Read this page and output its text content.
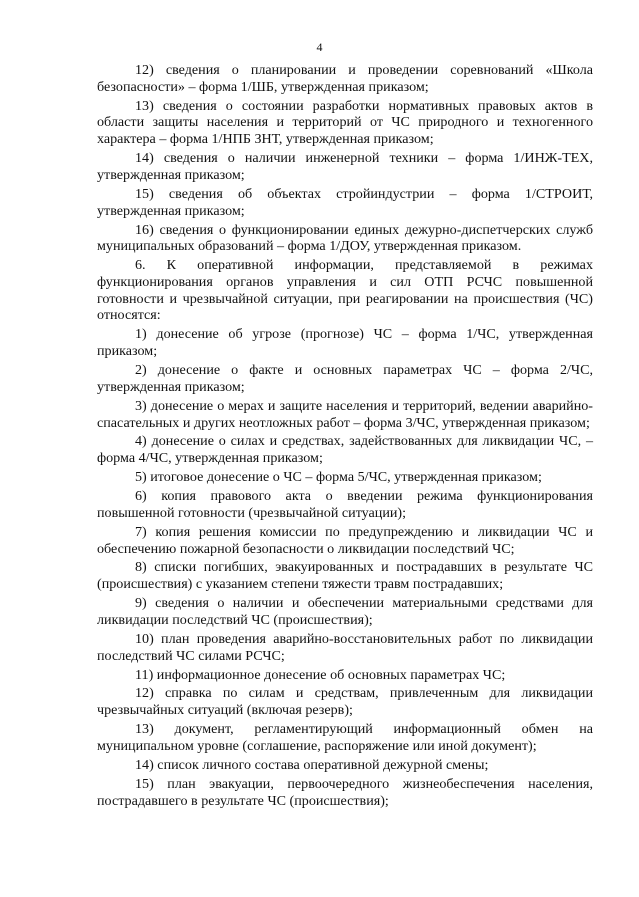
4

12) сведения о планировании и проведении соревнований «Школа безопасности» – форма 1/ШБ, утвержденная приказом;

13) сведения о состоянии разработки нормативных правовых актов в области защиты населения и территорий от ЧС природного и техногенного характера – форма 1/НПБ ЗНТ, утвержденная приказом;

14) сведения о наличии инженерной техники – форма 1/ИНЖ-ТЕХ, утвержденная приказом;

15) сведения об объектах стройиндустрии – форма 1/СТРОИТ, утвержденная приказом;

16) сведения о функционировании единых дежурно-диспетчерских служб муниципальных образований – форма 1/ДОУ, утвержденная приказом.

6. К оперативной информации, представляемой в режимах функционирования органов управления и сил ОТП РСЧС повышенной готовности и чрезвычайной ситуации, при реагировании на происшествия (ЧС) относятся:

1) донесение об угрозе (прогнозе) ЧС – форма 1/ЧС, утвержденная приказом;

2) донесение о факте и основных параметрах ЧС – форма 2/ЧС, утвержденная приказом;

3) донесение о мерах и защите населения и территорий, ведении аварийно-спасательных и других неотложных работ – форма 3/ЧС, утвержденная приказом;

4) донесение о силах и средствах, задействованных для ликвидации ЧС, – форма 4/ЧС, утвержденная приказом;

5) итоговое донесение о ЧС – форма 5/ЧС, утвержденная приказом;

6) копия правового акта о введении режима функционирования повышенной готовности (чрезвычайной ситуации);

7) копия решения комиссии по предупреждению и ликвидации ЧС и обеспечению пожарной безопасности о ликвидации последствий ЧС;

8) списки погибших, эвакуированных и пострадавших в результате ЧС (происшествия) с указанием степени тяжести травм пострадавших;

9) сведения о наличии и обеспечении материальными средствами для ликвидации последствий ЧС (происшествия);

10) план проведения аварийно-восстановительных работ по ликвидации последствий ЧС силами РСЧС;

11) информационное донесение об основных параметрах ЧС;

12) справка по силам и средствам, привлеченным для ликвидации чрезвычайных ситуаций (включая резерв);

13) документ, регламентирующий информационный обмен на муниципальном уровне (соглашение, распоряжение или иной документ);

14) список личного состава оперативной дежурной смены;

15) план эвакуации, первоочередного жизнеобеспечения населения, пострадавшего в результате ЧС (происшествия);
